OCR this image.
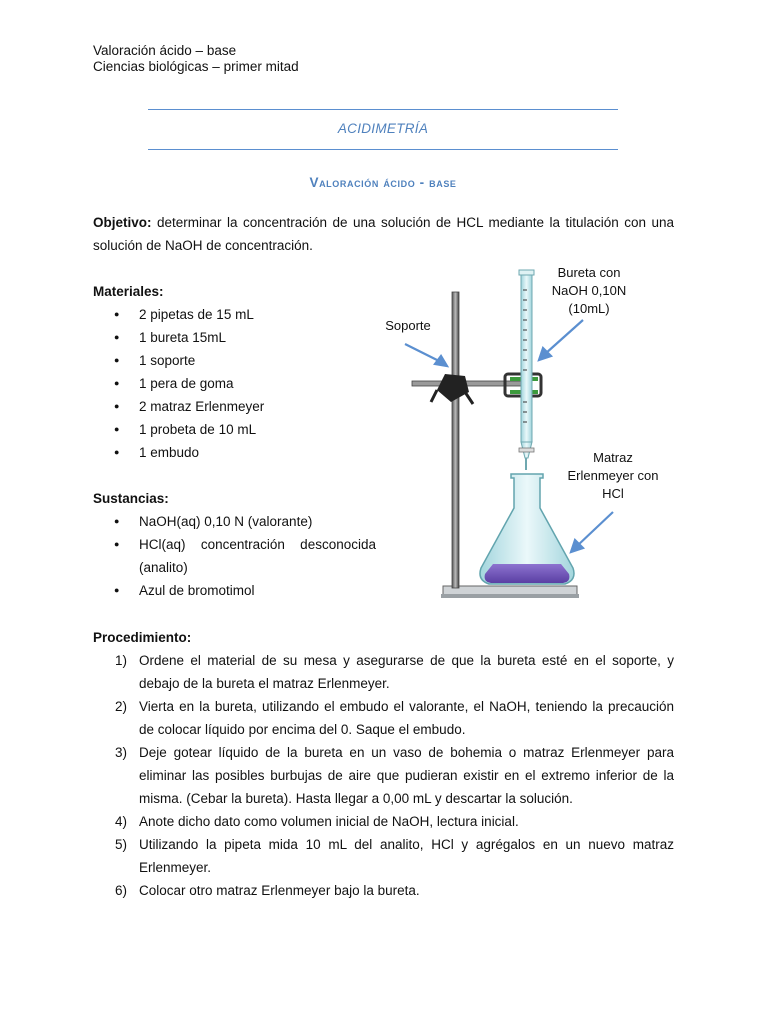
Valoración ácido – base
Ciencias biológicas – primer mitad
ACIDIMETRÍA
Valoración ácido - base
Objetivo: determinar la concentración de una solución de HCL mediante la titulación con una solución de NaOH de concentración.
Materiales:
● 2 pipetas de 15 mL
● 1 bureta 15mL
● 1 soporte
● 1 pera de goma
● 2 matraz Erlenmeyer
● 1 probeta de 10 mL
● 1 embudo
Sustancias:
● NaOH(aq) 0,10 N (valorante)
● HCl(aq) concentración desconocida (analito)
● Azul de bromotimol
Bureta con
NaOH 0,10N
(10mL)
Soporte
Matraz
Erlenmeyer con
HCl
Procedimiento:
1) Ordene el material de su mesa y asegurarse de que la bureta esté en el soporte, y debajo de la bureta el matraz Erlenmeyer.
2) Vierta en la bureta, utilizando el embudo el valorante, el NaOH, teniendo la precaución de colocar líquido por encima del 0. Saque el embudo.
3) Deje gotear líquido de la bureta en un vaso de bohemia o matraz Erlenmeyer para eliminar las posibles burbujas de aire que pudieran existir en el extremo inferior de la misma. (Cebar la bureta). Hasta llegar a 0,00 mL y descartar la solución.
4) Anote dicho dato como volumen inicial de NaOH, lectura inicial.
5) Utilizando la pipeta mida 10 mL del analito, HCl y agrégalos en un nuevo matraz Erlenmeyer.
6) Colocar otro matraz Erlenmeyer bajo la bureta.
